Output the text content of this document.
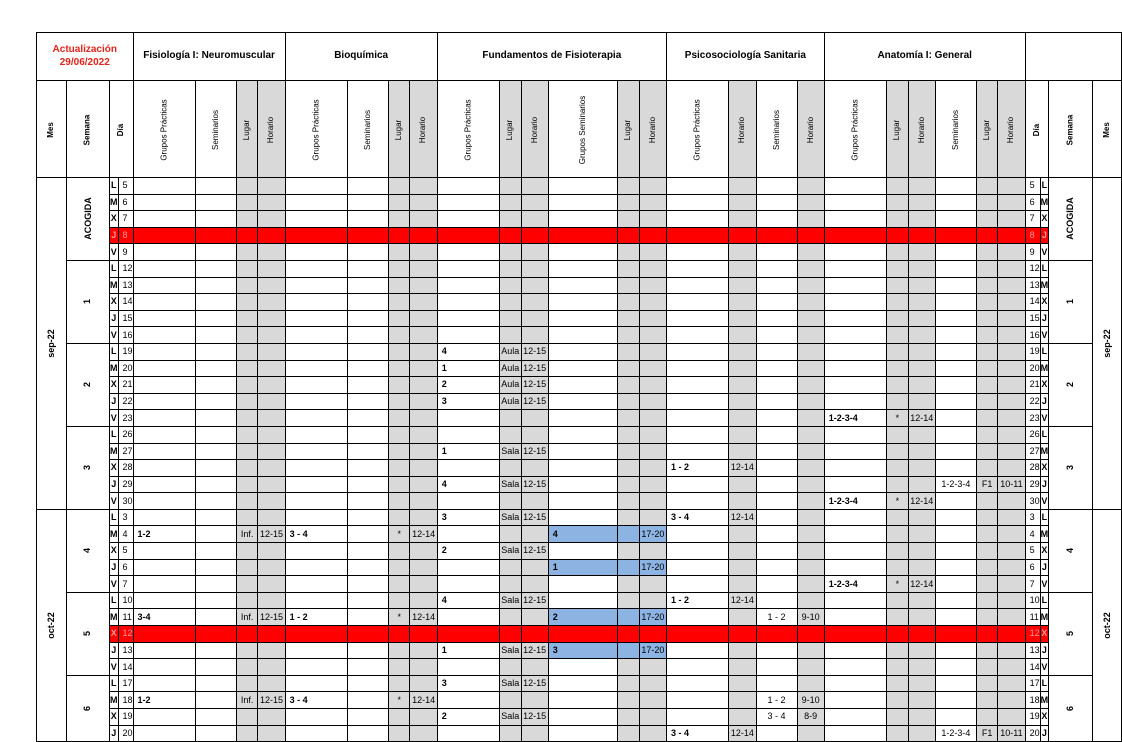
Actualización
29/06/2022				Fisiología I: Neuromuscular				Bioquímica				Fundamentos de Fisioterapia						Psicosociología Sanitaria				Anatomía I: General									
Mes	Semana	Día		Grupos Prácticas	Seminarios	Lugar	Horario	Grupos Prácticas	Seminarios	Lugar	Horario	Grupos Prácticas	Lugar	Horario	Grupos Seminarios	Lugar	Horario	Grupos Prácticas	Horario	Seminarios	Horario	Grupos Prácticas	Lugar	Horario	Seminarios	Lugar	Horario	Día		Semana	Mes
sep-22	ACOGIDA	L	5																									5	L	ACOGIDA	sep-22
		M	6																									6	M		
		X	7																									7	X		
		J	8																									8	J		
		V	9																									9	V		
	1	L	12																									12	L	1	
		M	13																									13	M		
		X	14																									14	X		
		J	15																									15	J		
		V	16																									16	V		
	2	L	19									4	Aula	12-15														19	L	2	
		M	20									1	Aula	12-15														20	M		
		X	21									2	Aula	12-15														21	X		
		J	22									3	Aula	12-15														22	J		
		V	23																			1-2-3-4	*	12-14				23	V		
	3	L	26																									26	L	3	
		M	27									1	Sala	12-15														27	M		
		X	28															1 - 2	12-14									28	X		
		J	29									4	Sala	12-15											1-2-3-4	F1	10-11	29	J		
		V	30																			1-2-3-4	*	12-14				30	V		
oct-22	4	L	3									3	Sala	12-15				3 - 4	12-14									3	L	4	oct-22
		M	4	1-2		Inf.	12-15	3 - 4		*	12-14				4		17-20											4	M		
		X	5									2	Sala	12-15														5	X		
		J	6												1		17-20											6	J		
		V	7																			1-2-3-4	*	12-14				7	V		
	5	L	10									4	Sala	12-15				1 - 2	12-14									10	L	5	
		M	11	3-4		Inf.	12-15	1 - 2		*	12-14				2		17-20			1 - 2	9-10							11	M		
		X	12																									12	X		
		J	13									1	Sala	12-15	3		17-20											13	J		
		V	14																									14	V		
	6	L	17									3	Sala	12-15														17	L	6	
		M	18	1-2		Inf.	12-15	3 - 4		*	12-14									1 - 2	9-10							18	M		
		X	19									2	Sala	12-15						3 - 4	8-9							19	X		
		J	20															3 - 4	12-14						1-2-3-4	F1	10-11	20	J		
